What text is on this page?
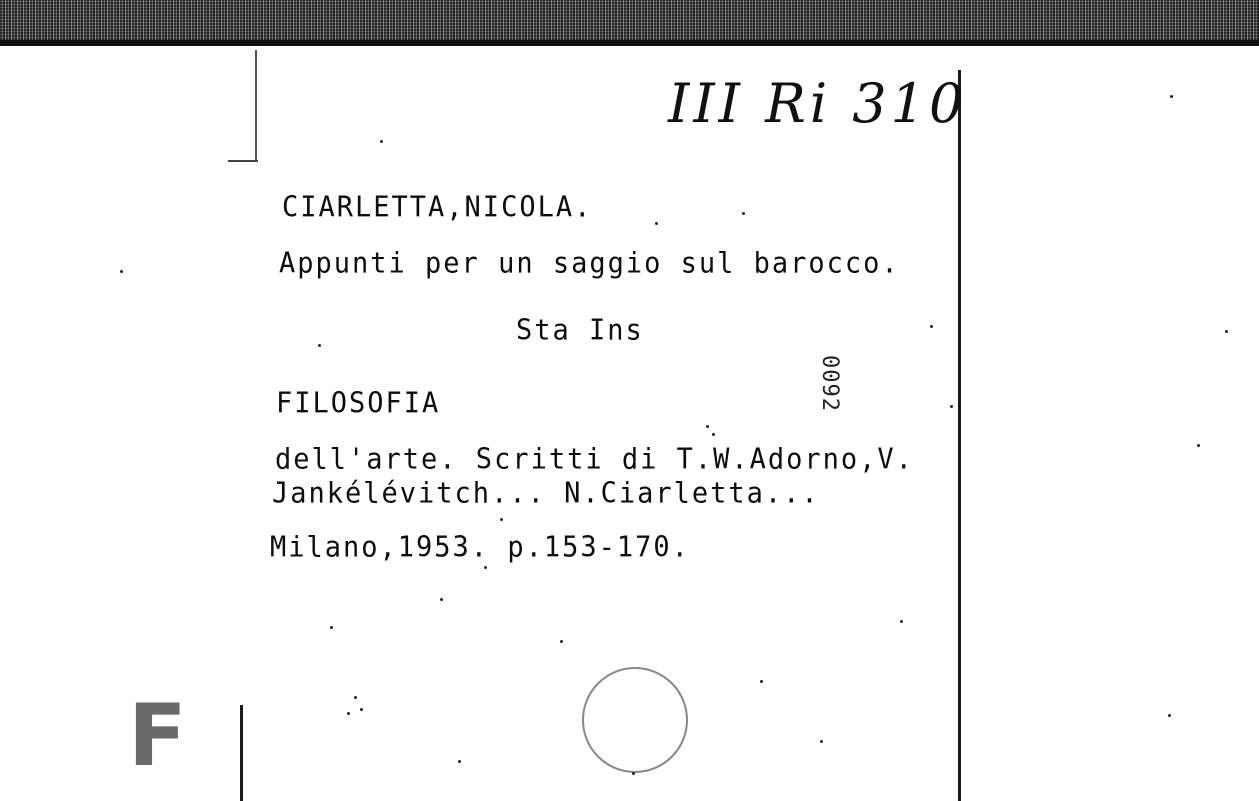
III Ri 310
CIARLETTA,NICOLA.
Appunti per un saggio sul barocco.
Sta Ins
FILOSOFIA
dell'arte. Scritti di T.W.Adorno,V.
Jankélévitch... N.Ciarletta...
Milano,1953. p.153-170.
0092
F
